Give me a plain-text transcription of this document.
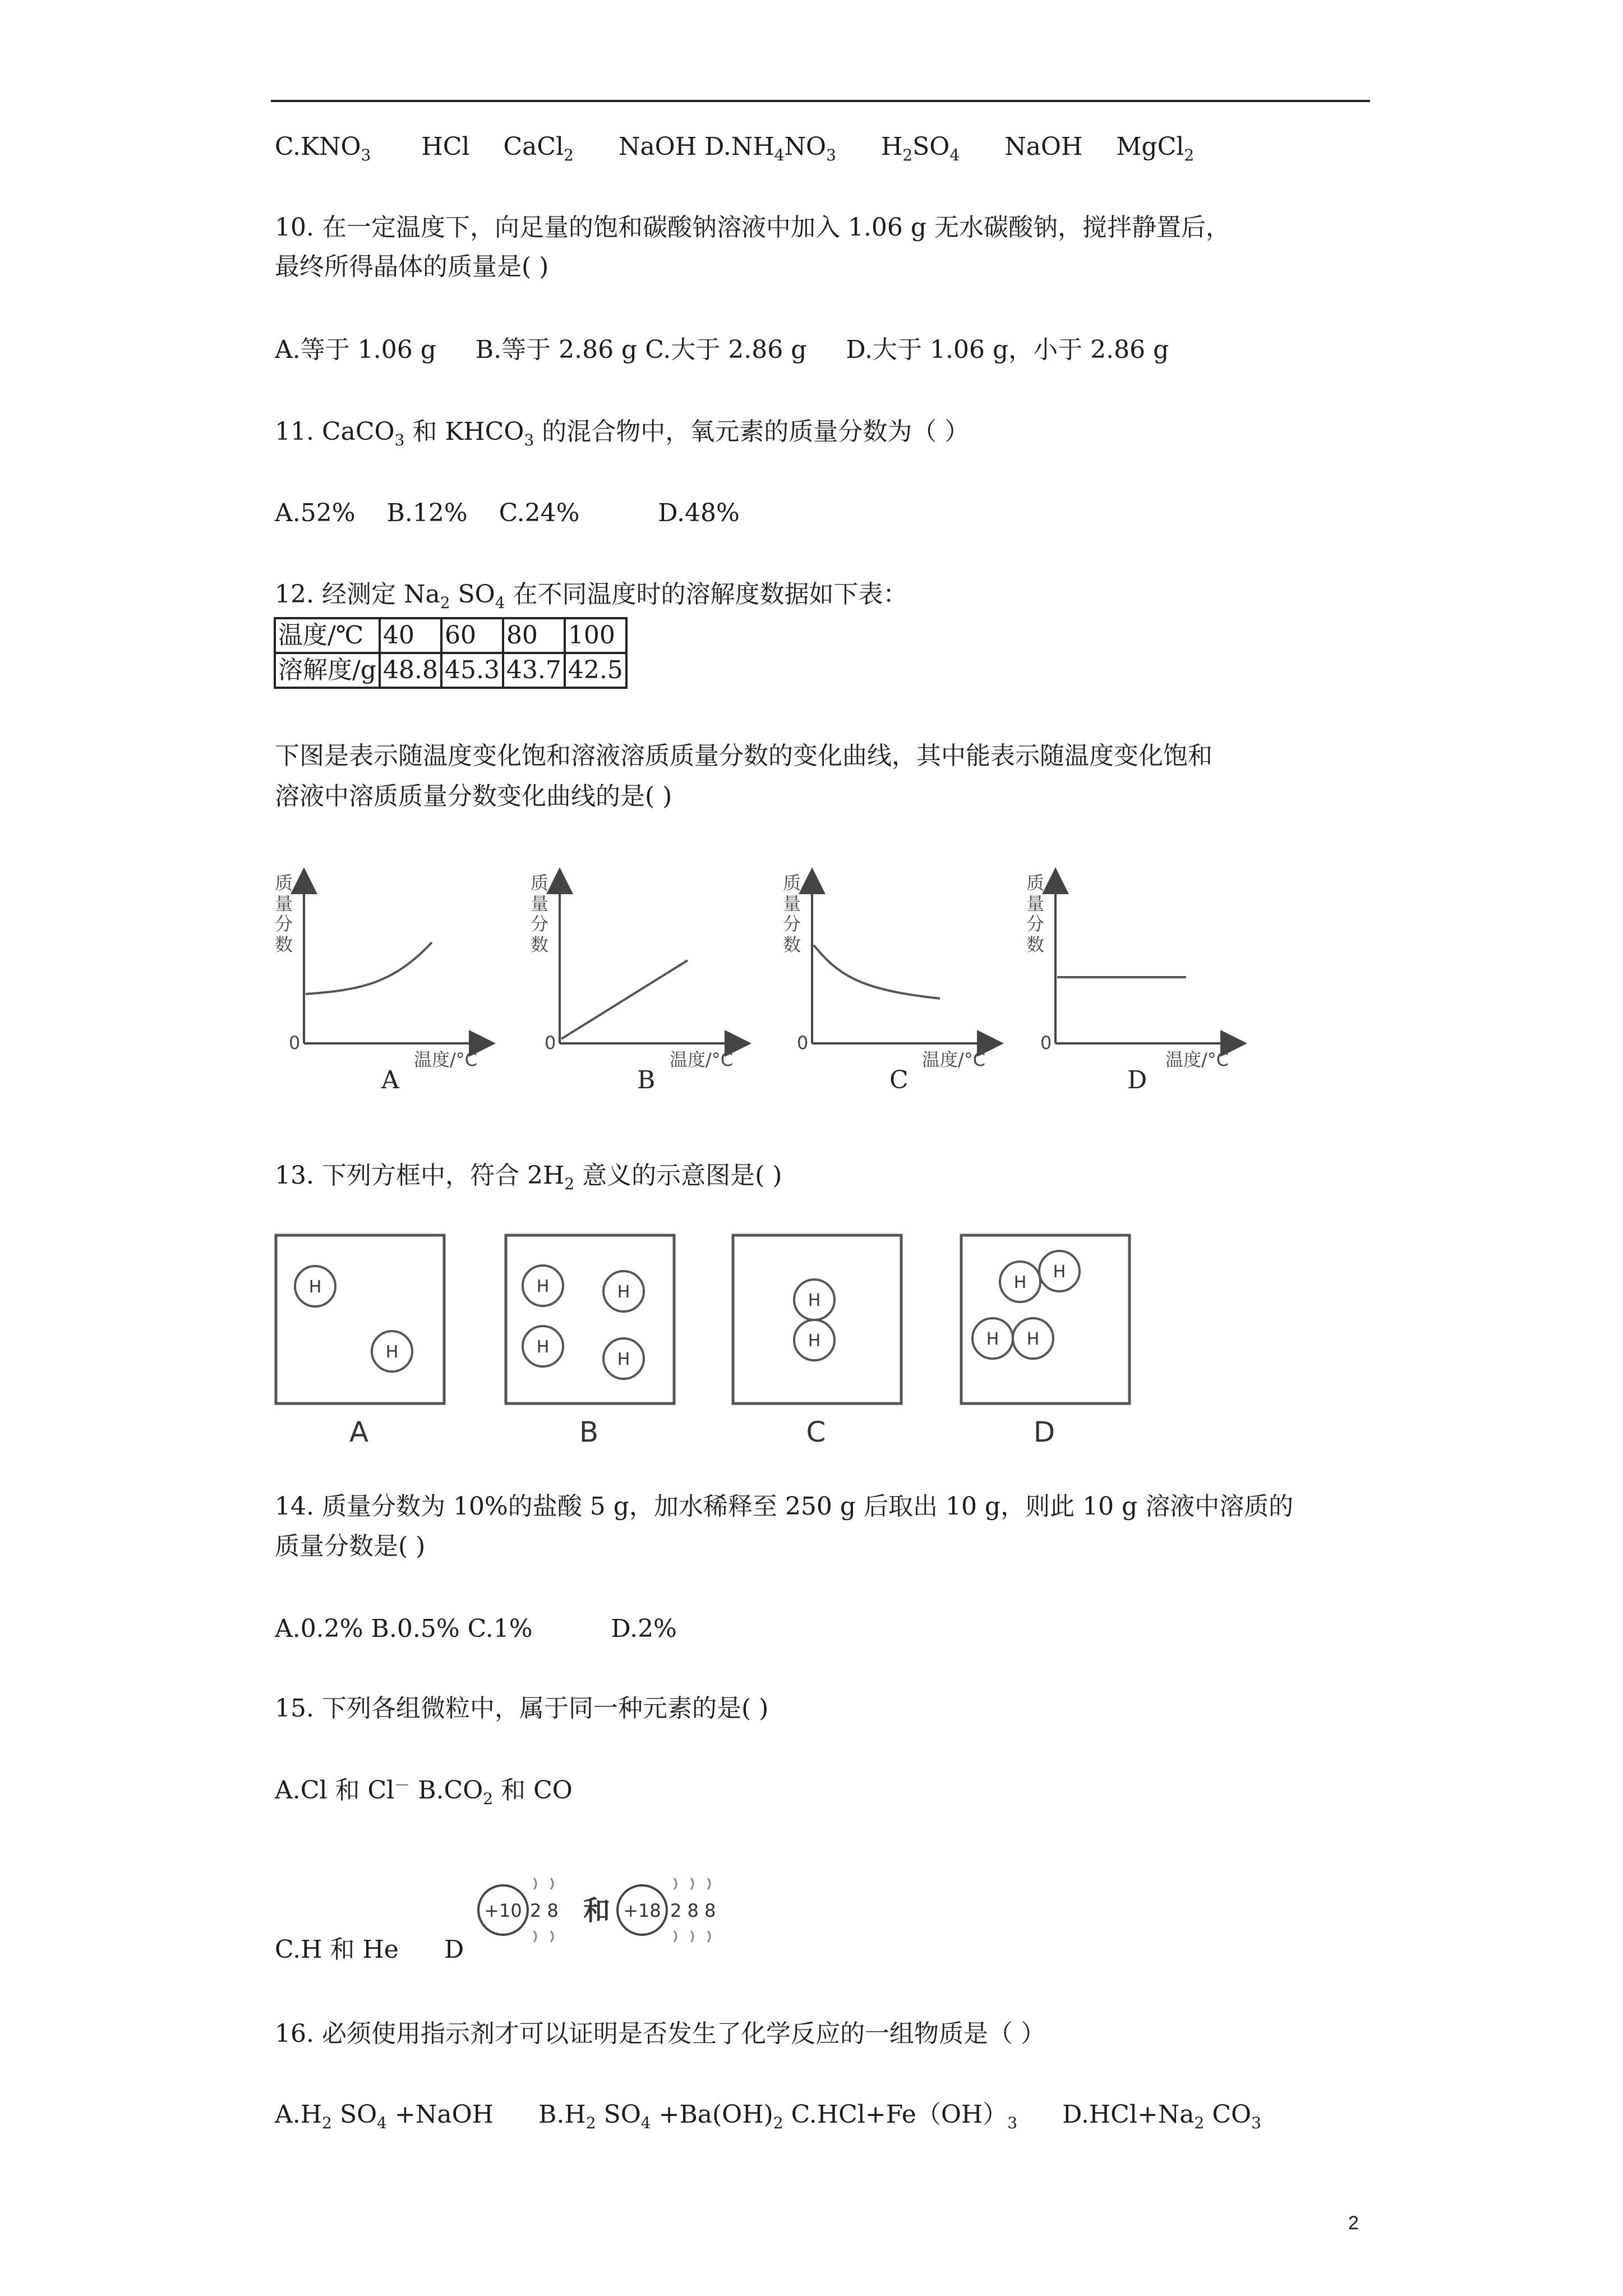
$C.KNO_3$ HCl CaCl$_2$ NaOH $D.NH_4NO_3$ $H_2SO_4$ NaOH MgCl$_2$
10. 在一定温度下，向足量的饱和碳酸钠溶液中加入 1.06 g 无水碳酸钠，搅拌静置后，
最终所得晶体的质量是( )
A.等于 1.06 g     B.等于 2.86 g C.大于 2.86 g     D.大于 1.06 g，小于 2.86 g
11. CaCO$_3$ 和 $KHCO_3$ 的混合物中，氧元素的质量分数为（ ）
A.52%    B.12%    C.24%          D.48%
12. 经测定 $Na_2$ $SO_4$ 在不同温度时的溶解度数据如下表：
温度/℃	40	60	80	100
溶解度/g	48.8	45.3	43.7	42.5
下图是表示随温度变化饱和溶液溶质质量分数的变化曲线，其中能表示随温度变化饱和
溶液中溶质质量分数变化曲线的是( )
质
量
分
数
0
温度/°C
A
质
量
分
数
0
温度/°C
B
质
量
分
数
0
温度/°C
C
质
量
分
数
0
温度/°C
D
13. 下列方框中，符合 $2H_2$ 意义的示意图是( )
H
H
A
H	H
H
H
B
H
H
C
H
H
H H
D
14. 质量分数为 10%的盐酸 5 g，加水稀释至 250 g 后取出 10 g，则此 10 g 溶液中溶质的
质量分数是( )
A.0.2% B.0.5% C.1%          D.2%
15. 下列各组微粒中，属于同一种元素的是( )
A.Cl 和 Cl－ $B.CO_2$ 和 CO
C.H 和 He D
+10 2 8 和 +18 2 8 8
16. 必须使用指示剂才可以证明是否发生了化学反应的一组物质是（ ）
$A.H_2$ $SO_4$ +NaOH $B.H_2$ $SO_4 +Ba(OH)_2$ $C.HCl+Fe(OH)_3$ $D.HCl+Na_2$ $CO_3$
2
